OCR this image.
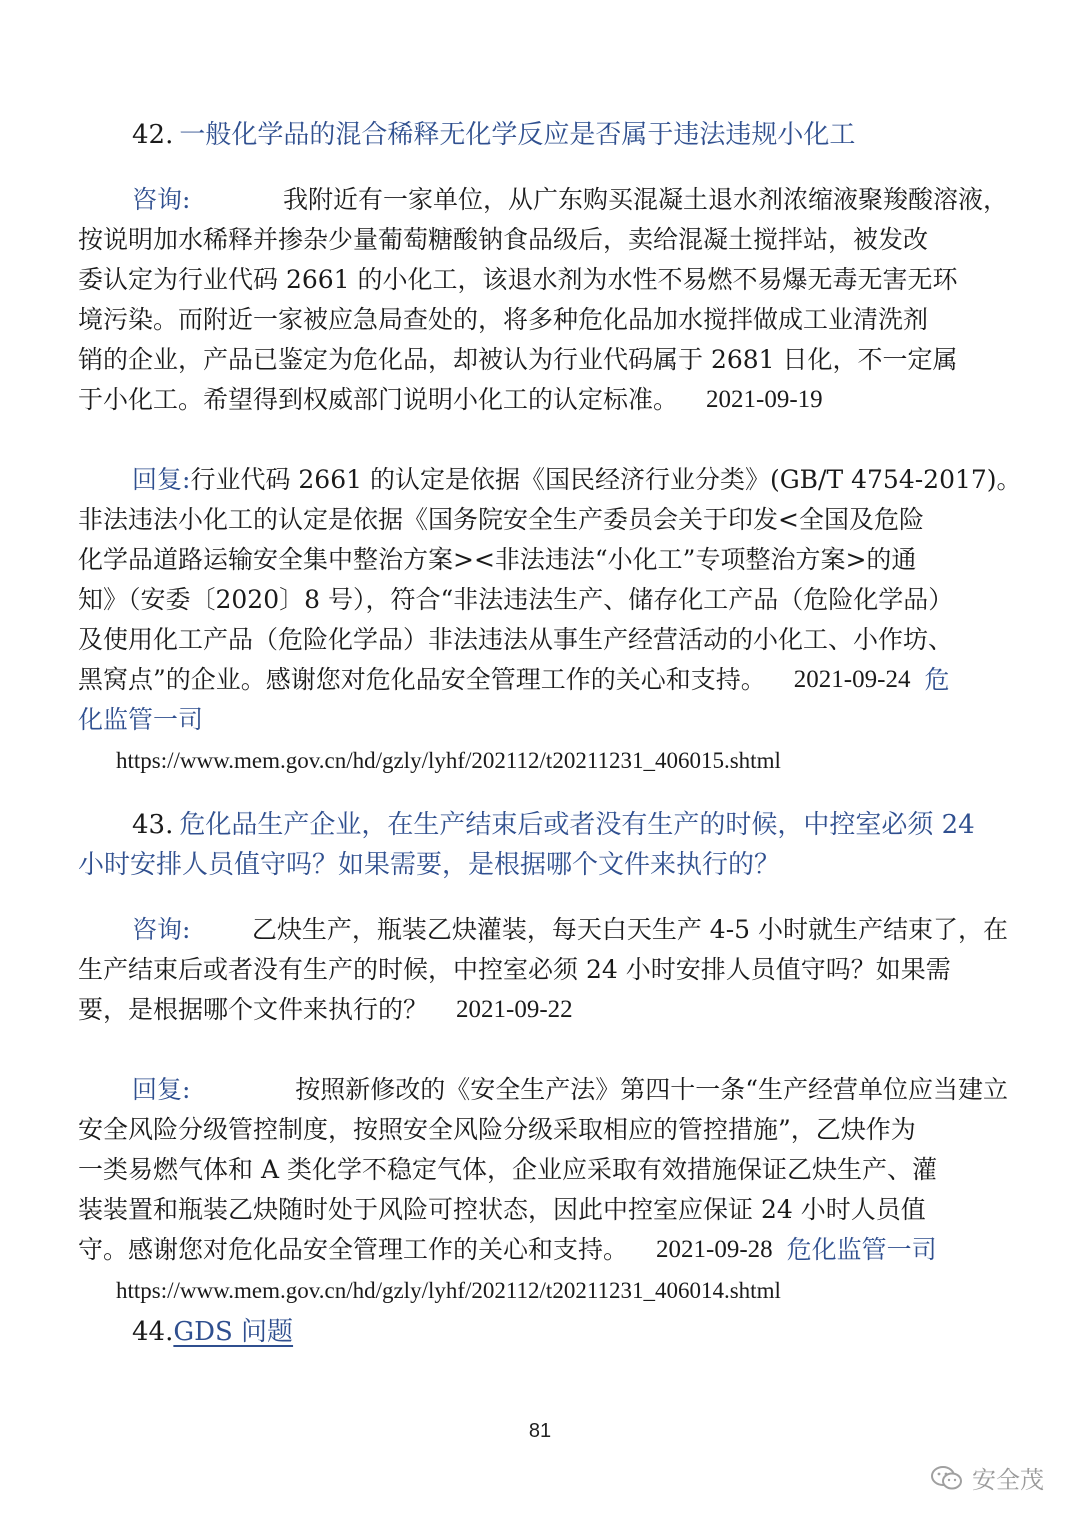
42. 一般化学品的混合稀释无化学反应是否属于违法违规小化工
咨询:	我附近有一家单位，从广东购买混凝土退水剂浓缩液聚羧酸溶液，
按说明加水稀释并掺杂少量葡萄糖酸钠食品级后，卖给混凝土搅拌站，被发改
委认定为行业代码 2661 的小化工，该退水剂为水性不易燃不易爆无毒无害无环
境污染。而附近一家被应急局查处的，将多种危化品加水搅拌做成工业清洗剂
销的企业，产品已鉴定为危化品，却被认为行业代码属于 2681 日化，不一定属
于小化工。希望得到权威部门说明小化工的认定标准。 2021-09-19
回复: 行业代码 2661 的认定是依据《国民经济行业分类》(GB/T 4754-2017)。
非法违法小化工的认定是依据《国务院安全生产委员会关于印发<全国及危险
化学品道路运输安全集中整治方案><非法违法“小化工”专项整治方案>的通
知》（安委〔2020〕8 号），符合“非法违法生产、储存化工产品（危险化学品）
及使用化工产品（危险化学品）非法违法从事生产经营活动的小化工、小作坊、
黑窝点”的企业。感谢您对危化品安全管理工作的关心和支持。 2021-09-24 危
化监管一司
https://www.mem.gov.cn/hd/gzly/lyhf/202112/t20211231_406015.shtml
43. 危化品生产企业，在生产结束后或者没有生产的时候，中控室必须 24
小时安排人员值守吗？如果需要，是根据哪个文件来执行的？
咨询: 乙炔生产，瓶装乙炔灌装，每天白天生产 4-5 小时就生产结束了，在
生产结束后或者没有生产的时候，中控室必须 24 小时安排人员值守吗？如果需
要，是根据哪个文件来执行的？ 2021-09-22
回复:	按照新修改的《安全生产法》第四十一条“生产经营单位应当建立
安全风险分级管控制度，按照安全风险分级采取相应的管控措施”，乙炔作为
一类易燃气体和 A 类化学不稳定气体，企业应采取有效措施保证乙炔生产、灌
装装置和瓶装乙炔随时处于风险可控状态，因此中控室应保证 24 小时人员值
守。感谢您对危化品安全管理工作的关心和支持。 2021-09-28 危化监管一司
https://www.mem.gov.cn/hd/gzly/lyhf/202112/t20211231_406014.shtml
44. GDS 问题
81
安全茂
